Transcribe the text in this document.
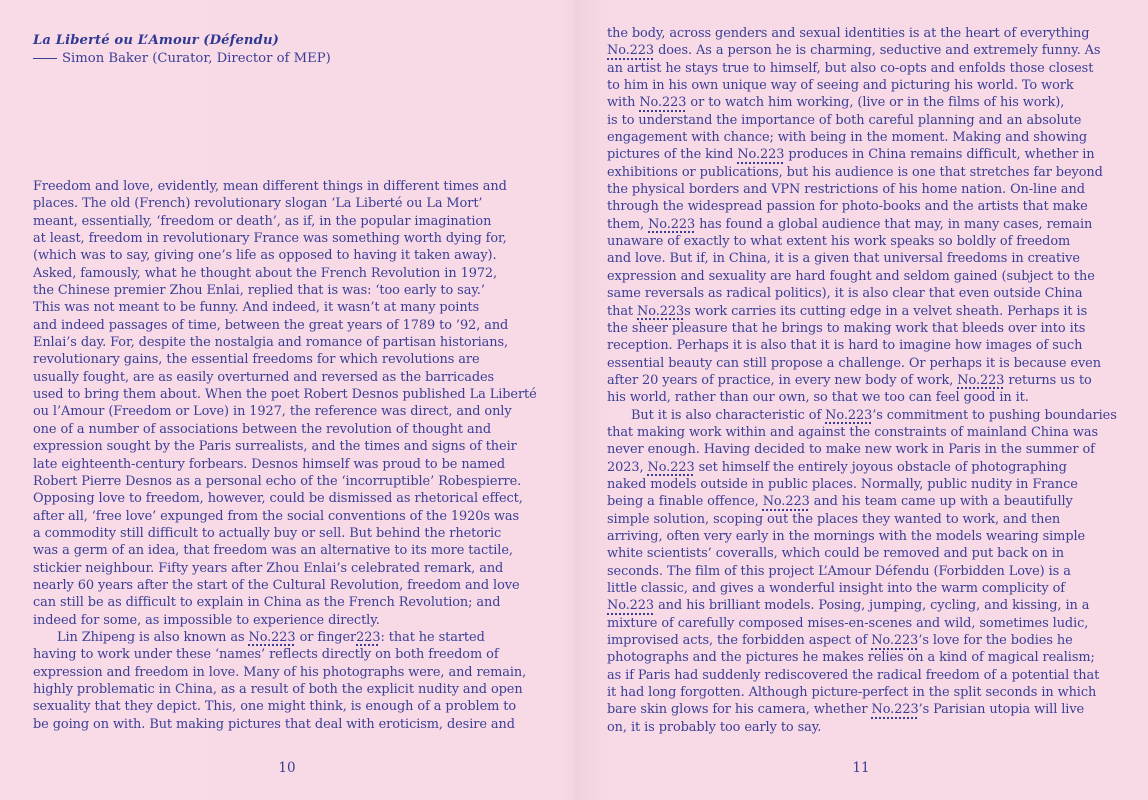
La Liberté ou L’Amour (Défendu)
Simon Baker (Curator, Director of MEP)

Freedom and love, evidently, mean different things in different times and
places. The old (French) revolutionary slogan ‘La Liberté ou La Mort’
meant, essentially, ‘freedom or death’, as if, in the popular imagination
at least, freedom in revolutionary France was something worth dying for,
(which was to say, giving one’s life as opposed to having it taken away).
Asked, famously, what he thought about the French Revolution in 1972,
the Chinese premier Zhou Enlai, replied that is was: ‘too early to say.’
This was not meant to be funny. And indeed, it wasn’t at many points
and indeed passages of time, between the great years of 1789 to ’92, and
Enlai’s day. For, despite the nostalgia and romance of partisan historians,
revolutionary gains, the essential freedoms for which revolutions are
usually fought, are as easily overturned and reversed as the barricades
used to bring them about. When the poet Robert Desnos published La Liberté
ou l’Amour (Freedom or Love) in 1927, the reference was direct, and only
one of a number of associations between the revolution of thought and
expression sought by the Paris surrealists, and the times and signs of their
late eighteenth-century forbears. Desnos himself was proud to be named
Robert Pierre Desnos as a personal echo of the ‘incorruptible’ Robespierre.
Opposing love to freedom, however, could be dismissed as rhetorical effect,
after all, ‘free love’ expunged from the social conventions of the 1920s was
a commodity still difficult to actually buy or sell. But behind the rhetoric
was a germ of an idea, that freedom was an alternative to its more tactile,
stickier neighbour. Fifty years after Zhou Enlai’s celebrated remark, and
nearly 60 years after the start of the Cultural Revolution, freedom and love
can still be as difficult to explain in China as the French Revolution; and
indeed for some, as impossible to experience directly.

Lin Zhipeng is also known as No.223 or finger223: that he started
having to work under these ‘names’ reflects directly on both freedom of
expression and freedom in love. Many of his photographs were, and remain,
highly problematic in China, as a result of both the explicit nudity and open
sexuality that they depict. This, one might think, is enough of a problem to
be going on with. But making pictures that deal with eroticism, desire and

10
the body, across genders and sexual identities is at the heart of everything
No.223 does. As a person he is charming, seductive and extremely funny. As
an artist he stays true to himself, but also co-opts and enfolds those closest
to him in his own unique way of seeing and picturing his world. To work
with No.223 or to watch him working, (live or in the films of his work),
is to understand the importance of both careful planning and an absolute
engagement with chance; with being in the moment. Making and showing
pictures of the kind No.223 produces in China remains difficult, whether in
exhibitions or publications, but his audience is one that stretches far beyond
the physical borders and VPN restrictions of his home nation. On-line and
through the widespread passion for photo-books and the artists that make
them, No.223 has found a global audience that may, in many cases, remain
unaware of exactly to what extent his work speaks so boldly of freedom
and love. But if, in China, it is a given that universal freedoms in creative
expression and sexuality are hard fought and seldom gained (subject to the
same reversals as radical politics), it is also clear that even outside China
that No.223s work carries its cutting edge in a velvet sheath. Perhaps it is
the sheer pleasure that he brings to making work that bleeds over into its
reception. Perhaps it is also that it is hard to imagine how images of such
essential beauty can still propose a challenge. Or perhaps it is because even
after 20 years of practice, in every new body of work, No.223 returns us to
his world, rather than our own, so that we too can feel good in it.
But it is also characteristic of No.223’s commitment to pushing boundaries
that making work within and against the constraints of mainland China was
never enough. Having decided to make new work in Paris in the summer of
2023, No.223 set himself the entirely joyous obstacle of photographing
naked models outside in public places. Normally, public nudity in France
being a finable offence, No.223 and his team came up with a beautifully
simple solution, scoping out the places they wanted to work, and then
arriving, often very early in the mornings with the models wearing simple
white scientists’ coveralls, which could be removed and put back on in
seconds. The film of this project L’Amour Défendu (Forbidden Love) is a
little classic, and gives a wonderful insight into the warm complicity of
No.223 and his brilliant models. Posing, jumping, cycling, and kissing, in a
mixture of carefully composed mises-en-scenes and wild, sometimes ludic,
improvised acts, the forbidden aspect of No.223’s love for the bodies he
photographs and the pictures he makes relies on a kind of magical realism;
as if Paris had suddenly rediscovered the radical freedom of a potential that
it had long forgotten. Although picture-perfect in the split seconds in which
bare skin glows for his camera, whether No.223’s Parisian utopia will live
on, it is probably too early to say.
11
